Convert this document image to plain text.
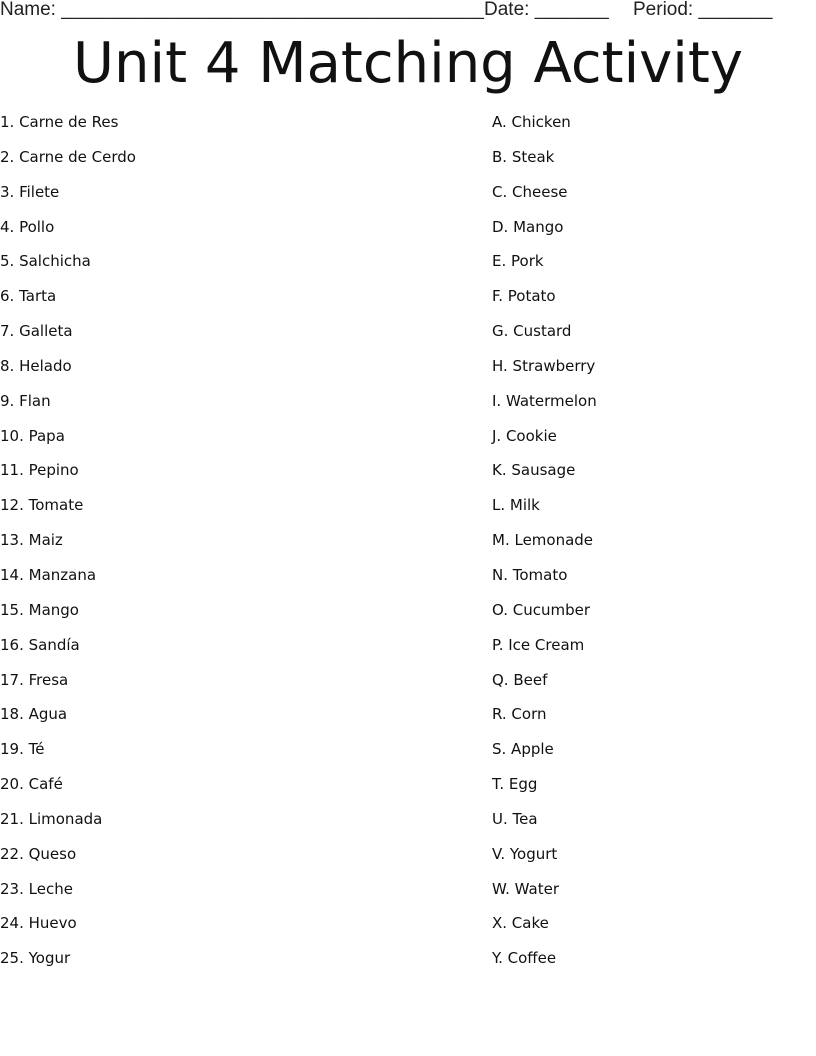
Name: ________________________________________ Date: _______ Period: _______
Unit 4 Matching Activity
1. Carne de Res
2. Carne de Cerdo
3. Filete
4. Pollo
5. Salchicha
6. Tarta
7. Galleta
8. Helado
9. Flan
10. Papa
11. Pepino
12. Tomate
13. Maiz
14. Manzana
15. Mango
16. Sandía
17. Fresa
18. Agua
19. Té
20. Café
21. Limonada
22. Queso
23. Leche
24. Huevo
25. Yogur
A. Chicken
B. Steak
C. Cheese
D. Mango
E. Pork
F. Potato
G. Custard
H. Strawberry
I. Watermelon
J. Cookie
K. Sausage
L. Milk
M. Lemonade
N. Tomato
O. Cucumber
P. Ice Cream
Q. Beef
R. Corn
S. Apple
T. Egg
U. Tea
V. Yogurt
W. Water
X. Cake
Y. Coffee
